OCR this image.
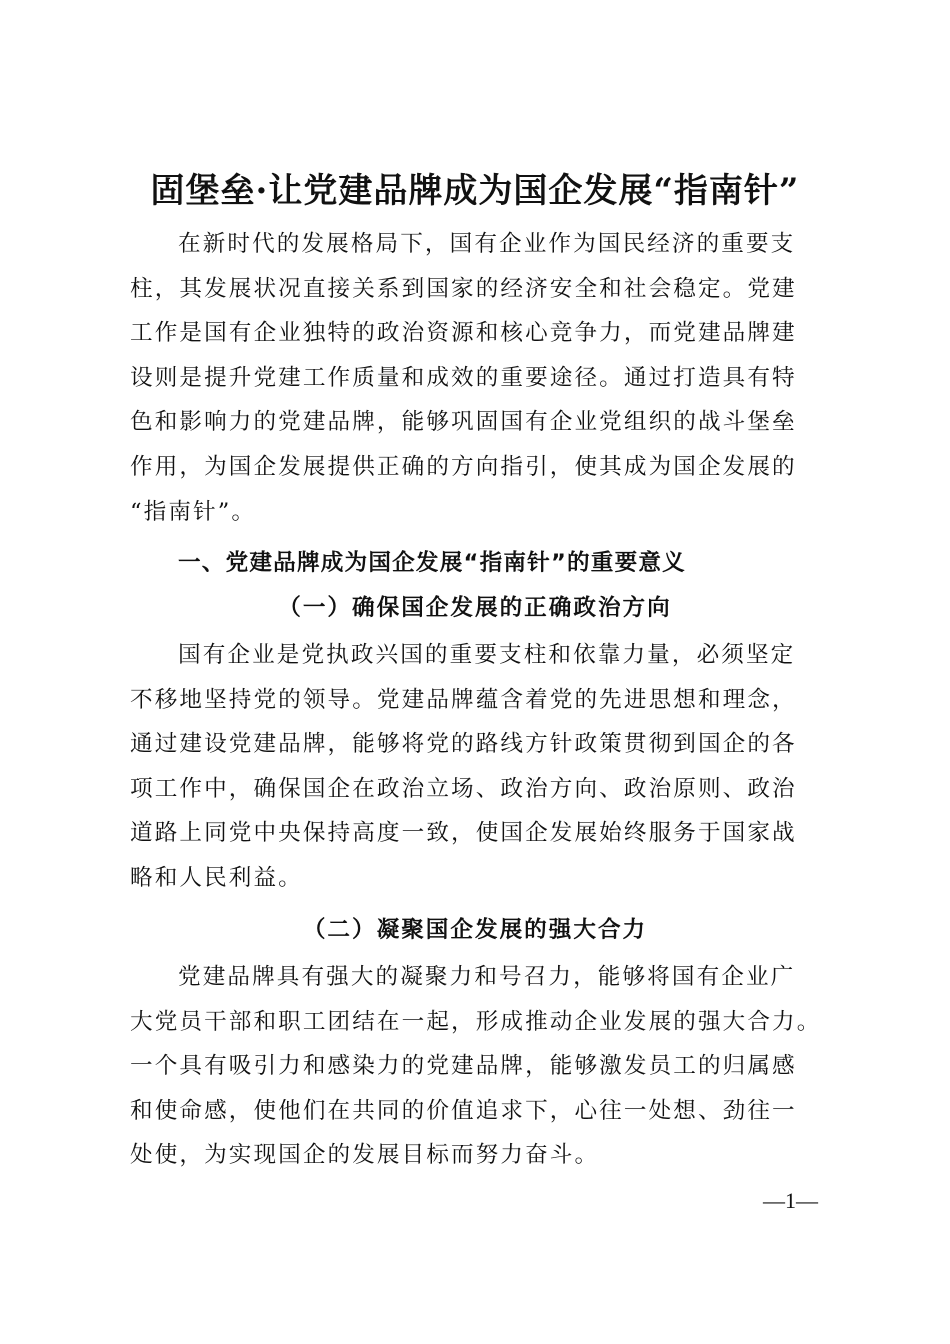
固堡垒·让党建品牌成为国企发展“指南针”
在新时代的发展格局下，国有企业作为国民经济的重要支
柱，其发展状况直接关系到国家的经济安全和社会稳定。党建
工作是国有企业独特的政治资源和核心竞争力，而党建品牌建
设则是提升党建工作质量和成效的重要途径。通过打造具有特
色和影响力的党建品牌，能够巩固国有企业党组织的战斗堡垒
作用，为国企发展提供正确的方向指引，使其成为国企发展的
“指南针”。
一、党建品牌成为国企发展“指南针”的重要意义
（一）确保国企发展的正确政治方向
国有企业是党执政兴国的重要支柱和依靠力量，必须坚定
不移地坚持党的领导。党建品牌蕴含着党的先进思想和理念，
通过建设党建品牌，能够将党的路线方针政策贯彻到国企的各
项工作中，确保国企在政治立场、政治方向、政治原则、政治
道路上同党中央保持高度一致，使国企发展始终服务于国家战
略和人民利益。
（二）凝聚国企发展的强大合力
党建品牌具有强大的凝聚力和号召力，能够将国有企业广
大党员干部和职工团结在一起，形成推动企业发展的强大合力。
一个具有吸引力和感染力的党建品牌，能够激发员工的归属感
和使命感，使他们在共同的价值追求下，心往一处想、劲往一
处使，为实现国企的发展目标而努力奋斗。
—1—
